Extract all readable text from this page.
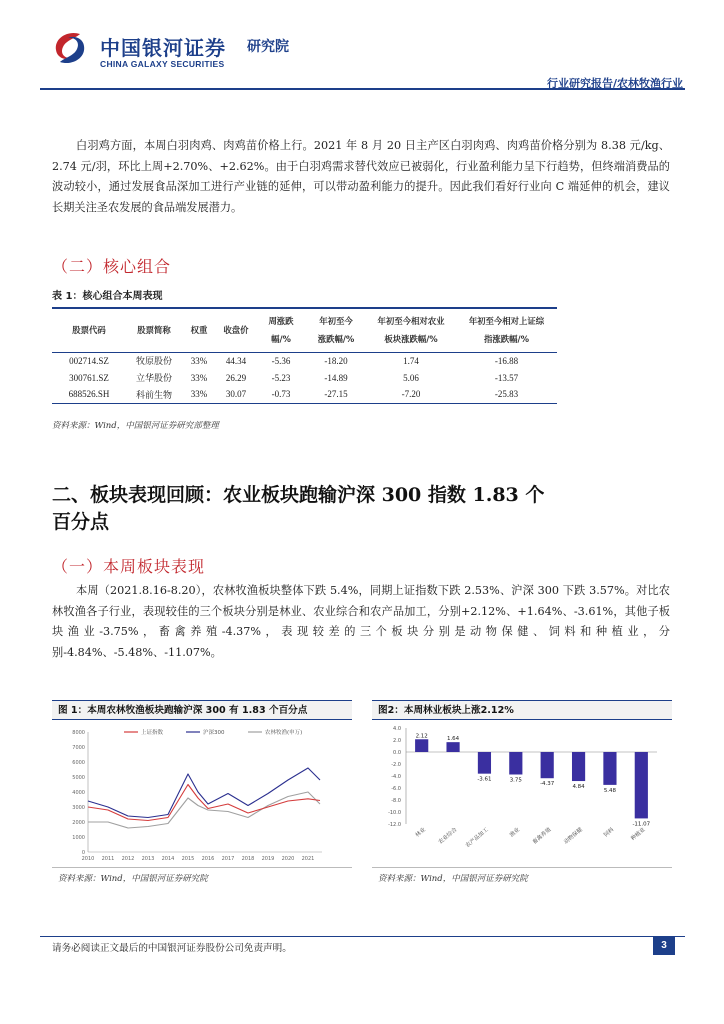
中国银河证券 研究院
CHINA GALAXY SECURITIES
行业研究报告/农林牧渔行业

白羽鸡方面，本周白羽肉鸡、肉鸡苗价格上行。2021 年 8 月 20 日主产区白羽肉鸡、肉鸡苗价格分别为 8.38 元/kg、2.74 元/羽，环比上周+2.70%、+2.62%。由于白羽鸡需求替代效应已被弱化，行业盈利能力呈下行趋势，但终端消费品的波动较小，通过发展食品深加工进行产业链的延伸，可以带动盈利能力的提升。因此我们看好行业向 C 端延伸的机会，建议长期关注圣农发展的食品端发展潜力。

（二）核心组合
表 1：核心组合本周表现
股票代码	股票简称	权重	收盘价	周涨跌幅/%	年初至今涨跌幅/%	年初至今相对农业板块涨跌幅/%	年初至今相对上证综指涨跌幅/%
002714.SZ	牧原股份	33%	44.34	-5.36	-18.20	1.74	-16.88
300761.SZ	立华股份	33%	26.29	-5.23	-14.89	5.06	-13.57
688526.SH	科前生物	33%	30.07	-0.73	-27.15	-7.20	-25.83
资料来源：Wind，中国银河证券研究部整理
二、板块表现回顾：农业板块跑输沪深 300 指数 1.83 个百分点
（一）本周板块表现

本周（2021.8.16-8.20），农林牧渔板块整体下跌 5.4%，同期上证指数下跌 2.53%、沪深 300 下跌 3.57%。对比农林牧渔各子行业，表现较佳的三个板块分别是林业、农业综合和农产品加工，分别+2.12%、+1.64%、-3.61%，其他子板块渔业-3.75%，畜禽养殖-4.37%，表现较差的三个板块分别是动物保健、饲料和种植业，分别-4.84%、-5.48%、-11.07%。

图 1：本周农林牧渔板块跑输沪深 300 有 1.83 个百分点
0
1000
2000
3000
4000
5000
6000
7000
8000
2010 2011 2012 2013 2014 2015 2016 2017 2018 2019 2020 2021
上证指数	沪深300	农林牧渔(申万)
资料来源：Wind，中国银河证券研究院
图2：本周林业板块上涨2.12%
4.0
2.0
0.0
-2.0
-4.0
-6.0
-8.0
-10.0
-12.0
2.12
林业
1.64
农业综合
-3.61
农产品加工
3.75
渔业
-4.37
畜禽养殖
4.84
动物保健
5.48
饲料
-11.07
种植业
资料来源：Wind，中国银河证券研究院
请务必阅读正文最后的中国银河证券股份公司免责声明。	3
